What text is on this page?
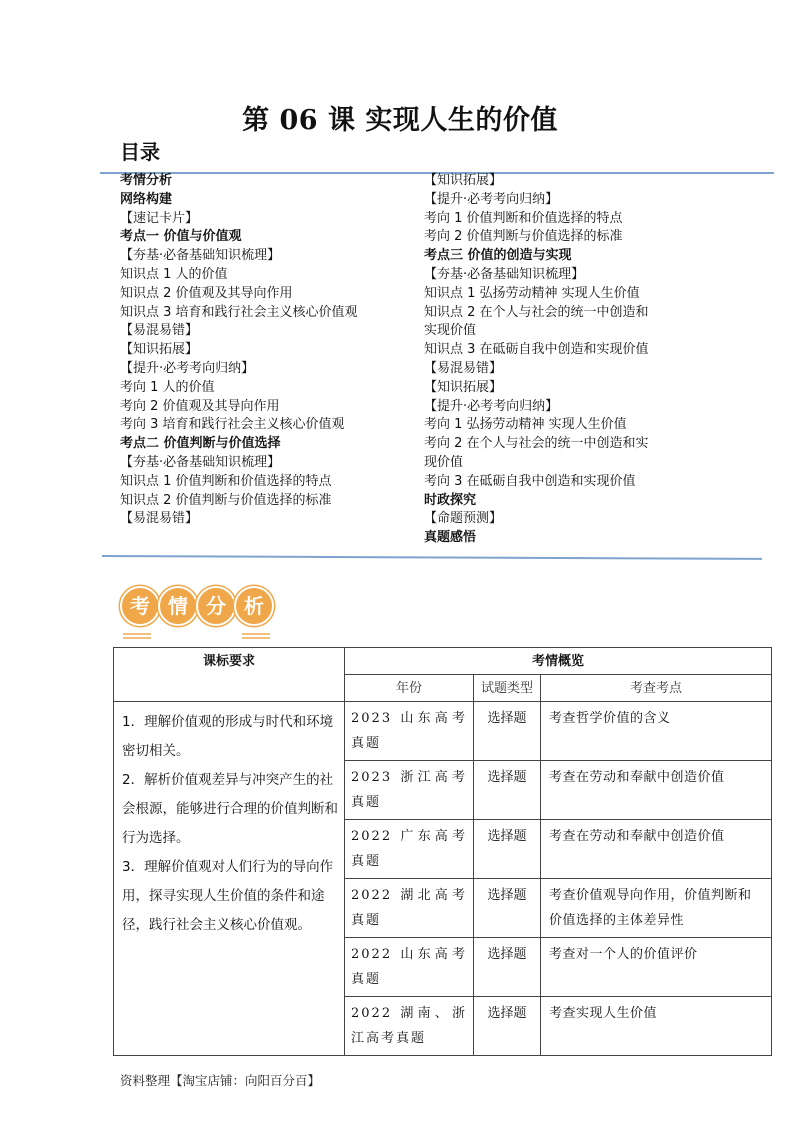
第 06 课 实现人生的价值
目录
考情分析
网络构建
【速记卡片】
考点一 价值与价值观
【夯基·必备基础知识梳理】
知识点 1 人的价值
知识点 2 价值观及其导向作用
知识点 3 培育和践行社会主义核心价值观
【易混易错】
【知识拓展】
【提升·必考考向归纳】
考向 1 人的价值
考向 2 价值观及其导向作用
考向 3 培育和践行社会主义核心价值观
考点二 价值判断与价值选择
【夯基·必备基础知识梳理】
知识点 1 价值判断和价值选择的特点
知识点 2 价值判断与价值选择的标准
【易混易错】
【知识拓展】
【提升·必考考向归纳】
考向 1 价值判断和价值选择的特点
考向 2 价值判断与价值选择的标准
考点三 价值的创造与实现
【夯基·必备基础知识梳理】
知识点 1 弘扬劳动精神 实现人生价值
知识点 2 在个人与社会的统一中创造和
实现价值
知识点 3 在砥砺自我中创造和实现价值
【易混易错】
【知识拓展】
【提升·必考考向归纳】
考向 1 弘扬劳动精神 实现人生价值
考向 2 在个人与社会的统一中创造和实
现价值
考向 3 在砥砺自我中创造和实现价值
时政探究
【命题预测】
真题感悟
考 情 分 析
课标要求	考情概览		
	年份	试题类型	考查考点

1．理解价值观的形成与时代和环境密切相关。

2．解析价值观差异与冲突产生的社会根源，能够进行合理的价值判断和行为选择。

3．理解价值观对人们行为的导向作用，探寻实现人生价值的条件和途径，践行社会主义核心价值观。	2023 山东高考真题	选择题	考查哲学价值的含义
	2023 浙江高考真题	选择题	考查在劳动和奉献中创造价值
	2022 广东高考真题	选择题	考查在劳动和奉献中创造价值
	2022 湖北高考真题	选择题	考查价值观导向作用，价值判断和价值选择的主体差异性
	2022 山东高考真题	选择题	考查对一个人的价值评价
	2022 湖南、浙江高考真题	选择题	考查实现人生价值
资料整理【淘宝店铺：向阳百分百】
